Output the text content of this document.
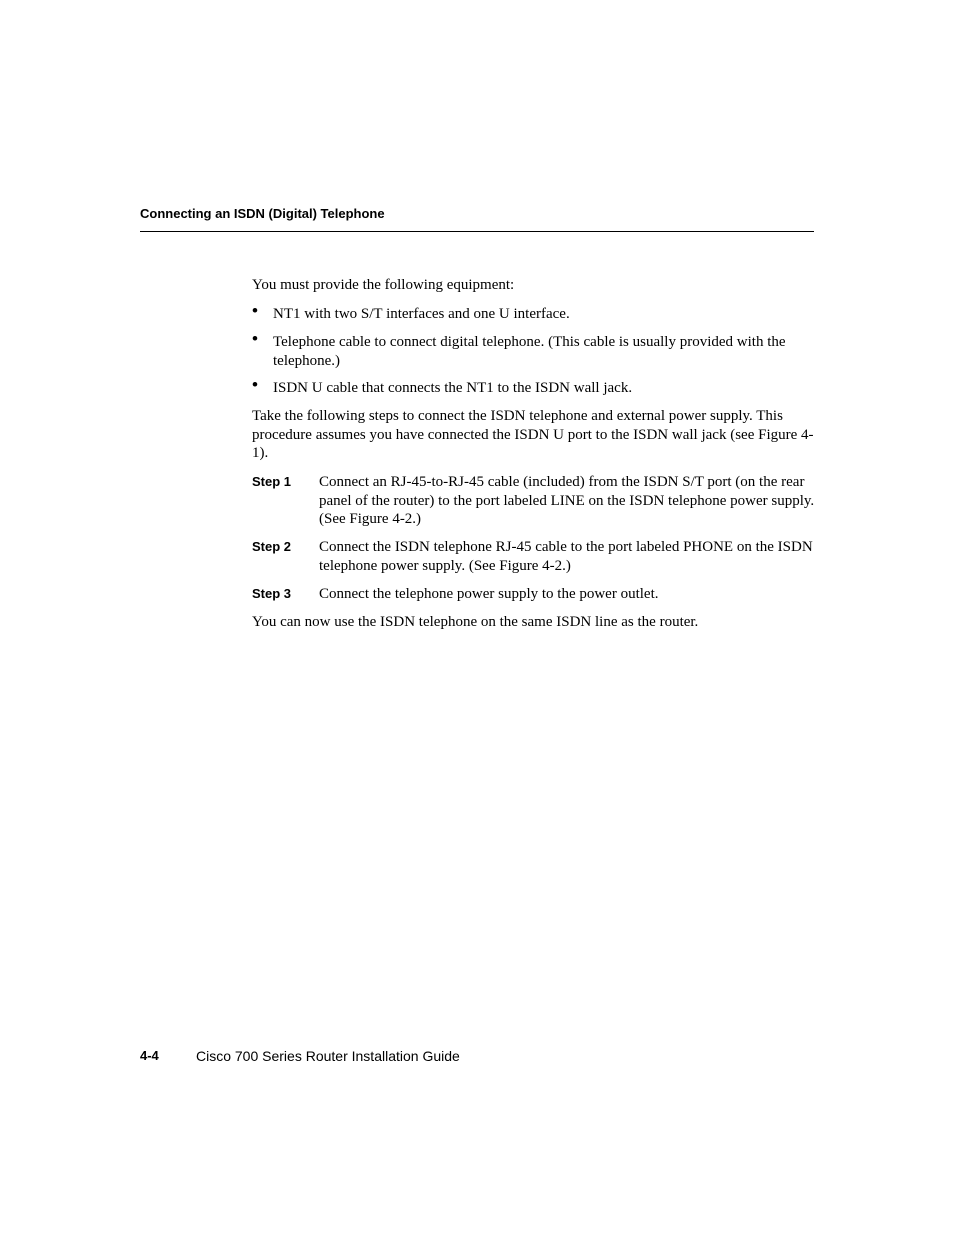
Connecting an ISDN (Digital) Telephone
You must provide the following equipment:
• NT1 with two S/T interfaces and one U interface.
• Telephone cable to connect digital telephone. (This cable is usually provided with the telephone.)
• ISDN U cable that connects the NT1 to the ISDN wall jack.
Take the following steps to connect the ISDN telephone and external power supply. This procedure assumes you have connected the ISDN U port to the ISDN wall jack (see Figure 4-1).
Step 1 Connect an RJ-45-to-RJ-45 cable (included) from the ISDN S/T port (on the rear panel of the router) to the port labeled LINE on the ISDN telephone power supply. (See Figure 4-2.)
Step 2 Connect the ISDN telephone RJ-45 cable to the port labeled PHONE on the ISDN telephone power supply. (See Figure 4-2.)
Step 3 Connect the telephone power supply to the power outlet.
You can now use the ISDN telephone on the same ISDN line as the router.
4-4	Cisco 700 Series Router Installation Guide
